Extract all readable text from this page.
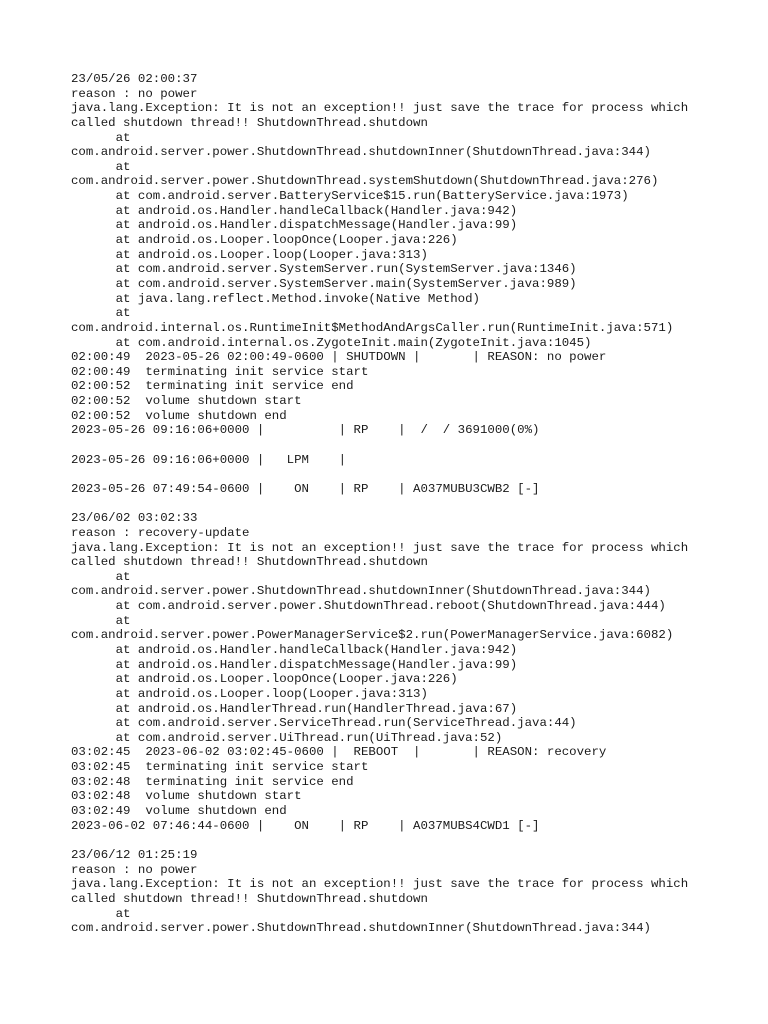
23/05/26 02:00:37
reason : no power
java.lang.Exception: It is not an exception!! just save the trace for process which
called shutdown thread!! ShutdownThread.shutdown
at
com.android.server.power.ShutdownThread.shutdownInner(ShutdownThread.java:344)
at
com.android.server.power.ShutdownThread.systemShutdown(ShutdownThread.java:276)
at com.android.server.BatteryService$15.run(BatteryService.java:1973)
at android.os.Handler.handleCallback(Handler.java:942)
at android.os.Handler.dispatchMessage(Handler.java:99)
at android.os.Looper.loopOnce(Looper.java:226)
at android.os.Looper.loop(Looper.java:313)
at com.android.server.SystemServer.run(SystemServer.java:1346)
at com.android.server.SystemServer.main(SystemServer.java:989)
at java.lang.reflect.Method.invoke(Native Method)
at
com.android.internal.os.RuntimeInit$MethodAndArgsCaller.run(RuntimeInit.java:571)
at com.android.internal.os.ZygoteInit.main(ZygoteInit.java:1045)
02:00:49  2023-05-26 02:00:49-0600 | SHUTDOWN |       | REASON: no power
02:00:49  terminating init service start
02:00:52  terminating init service end
02:00:52  volume shutdown start
02:00:52  volume shutdown end
2023-05-26 09:16:06+0000 |          | RP    |  /  / 3691000(0%)
2023-05-26 09:16:06+0000 |   LPM    |
2023-05-26 07:49:54-0600 |    ON    | RP    | A037MUBU3CWB2 [-]
23/06/02 03:02:33
reason : recovery-update
java.lang.Exception: It is not an exception!! just save the trace for process which
called shutdown thread!! ShutdownThread.shutdown
at
com.android.server.power.ShutdownThread.shutdownInner(ShutdownThread.java:344)
at com.android.server.power.ShutdownThread.reboot(ShutdownThread.java:444)
at
com.android.server.power.PowerManagerService$2.run(PowerManagerService.java:6082)
at android.os.Handler.handleCallback(Handler.java:942)
at android.os.Handler.dispatchMessage(Handler.java:99)
at android.os.Looper.loopOnce(Looper.java:226)
at android.os.Looper.loop(Looper.java:313)
at android.os.HandlerThread.run(HandlerThread.java:67)
at com.android.server.ServiceThread.run(ServiceThread.java:44)
at com.android.server.UiThread.run(UiThread.java:52)
03:02:45  2023-06-02 03:02:45-0600 |  REBOOT  |       | REASON: recovery
03:02:45  terminating init service start
03:02:48  terminating init service end
03:02:48  volume shutdown start
03:02:49  volume shutdown end
2023-06-02 07:46:44-0600 |    ON    | RP    | A037MUBS4CWD1 [-]
23/06/12 01:25:19
reason : no power
java.lang.Exception: It is not an exception!! just save the trace for process which
called shutdown thread!! ShutdownThread.shutdown
at
com.android.server.power.ShutdownThread.shutdownInner(ShutdownThread.java:344)
